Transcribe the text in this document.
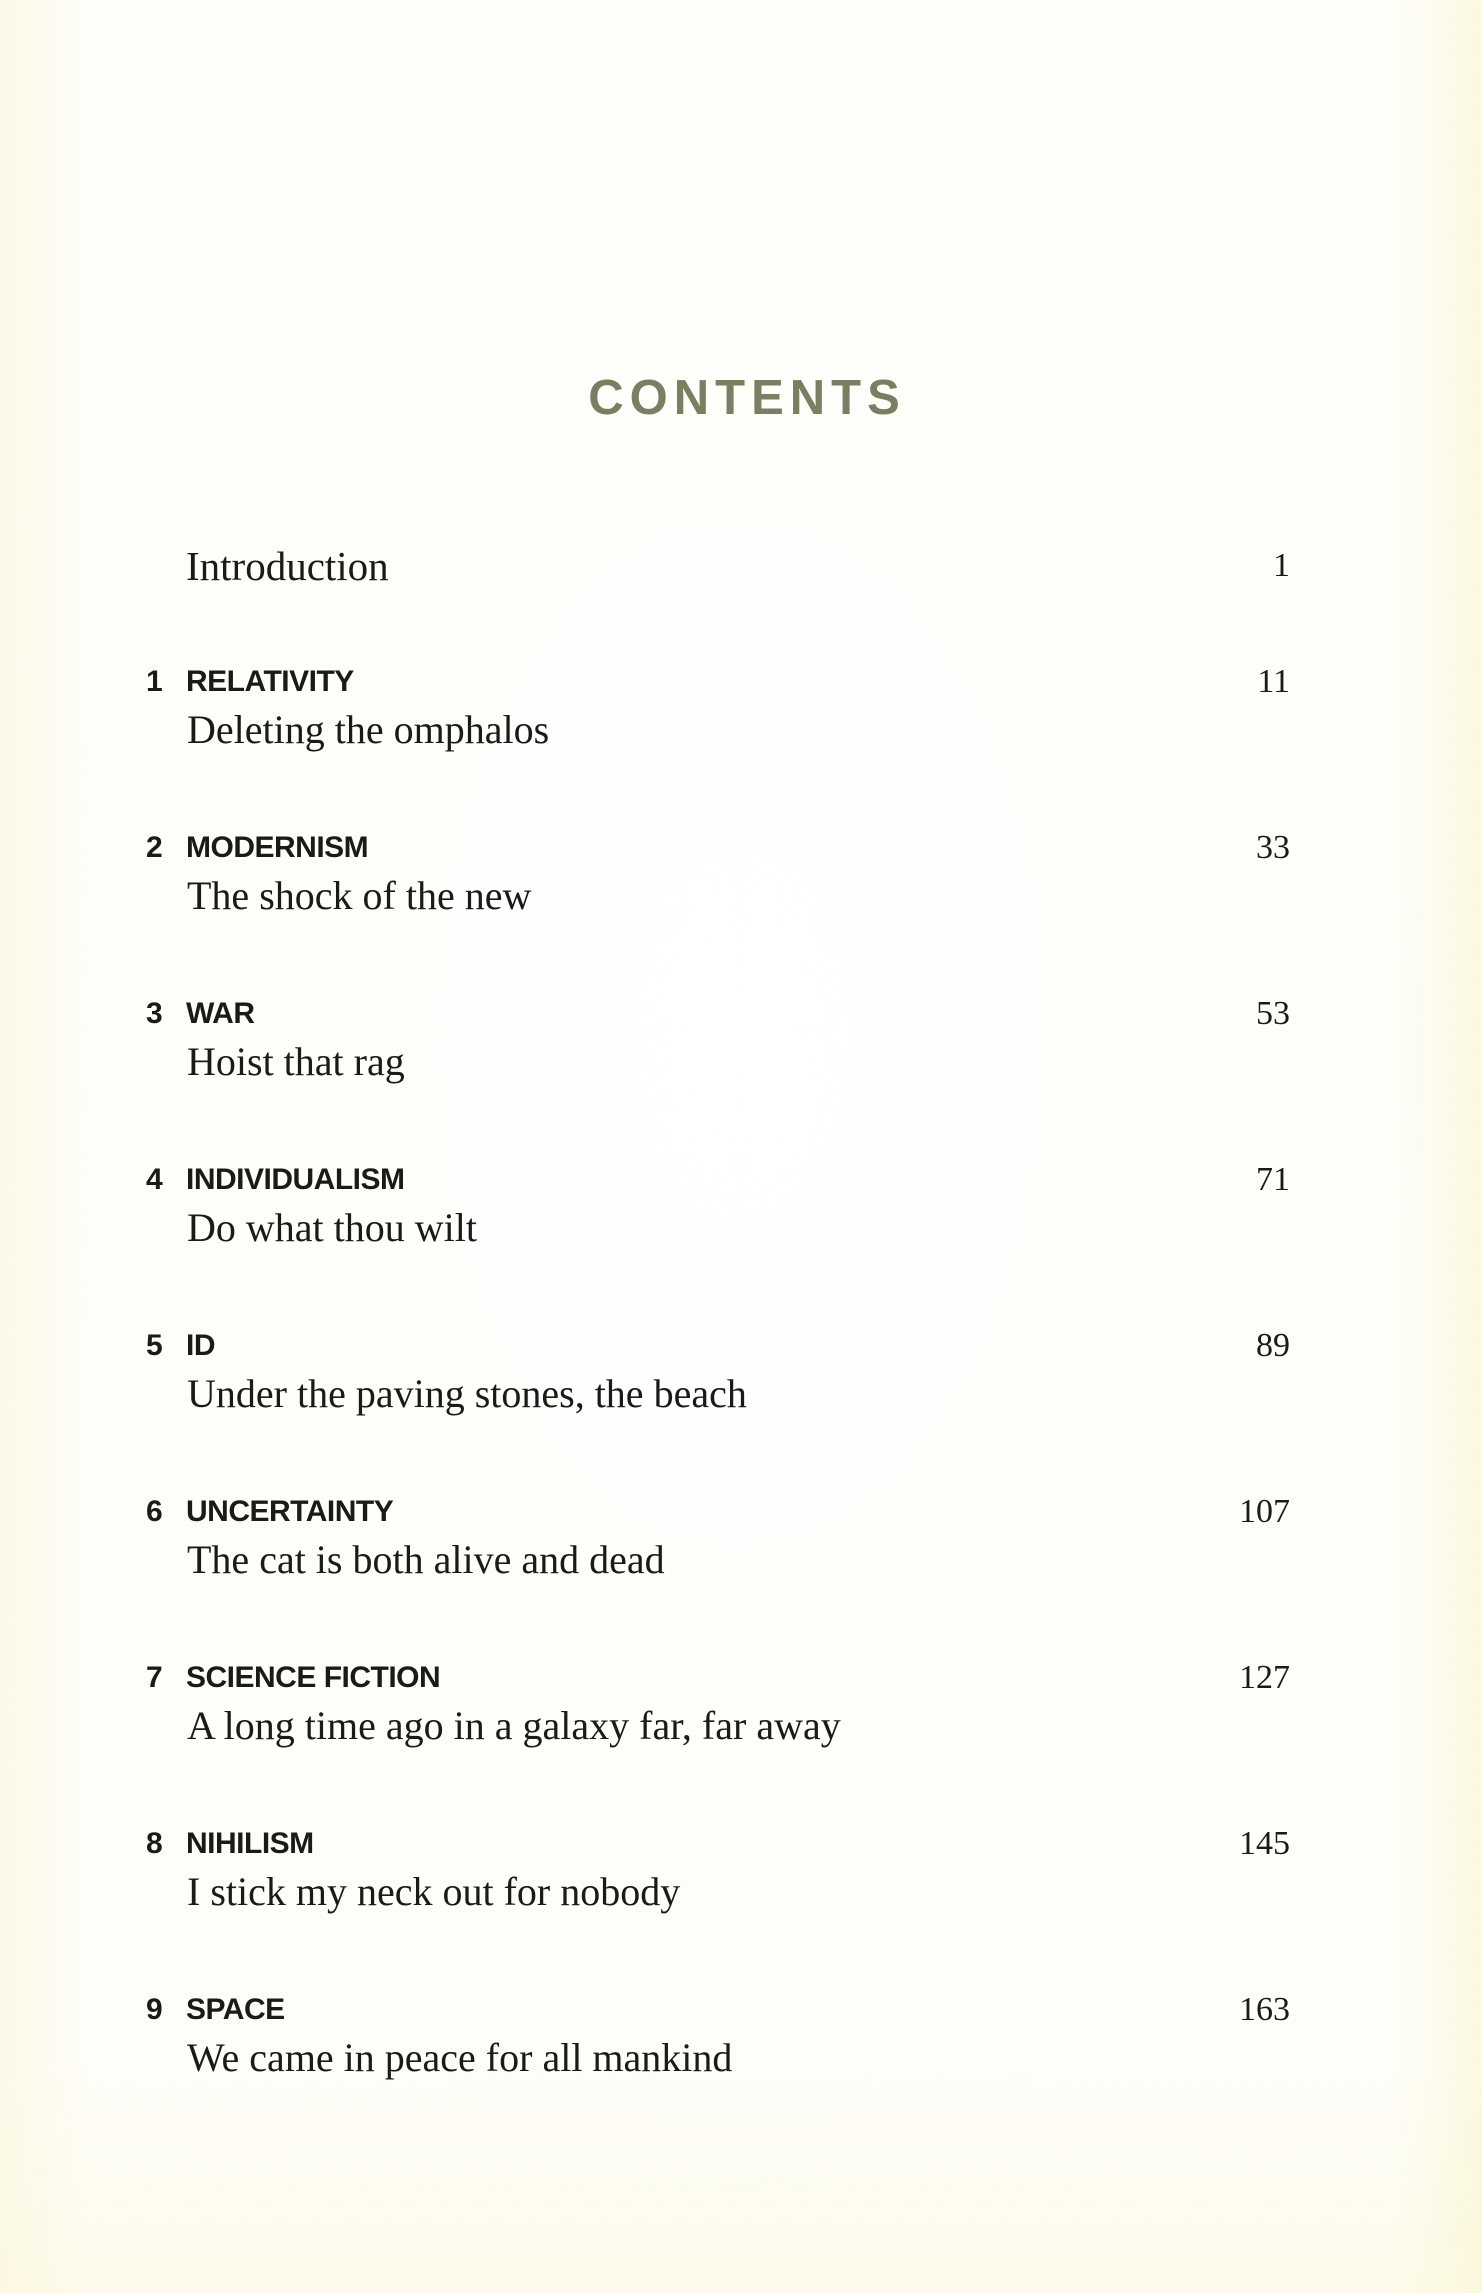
CONTENTS
Introduction	1
1 RELATIVITY
Deleting the omphalos
11
2 MODERNISM
The shock of the new
33
3 WAR
Hoist that rag
53
4 INDIVIDUALISM
Do what thou wilt
71
5 ID
Under the paving stones, the beach
89
6 UNCERTAINTY
The cat is both alive and dead
107
7 SCIENCE FICTION
A long time ago in a galaxy far, far away
127
8 NIHILISM
I stick my neck out for nobody
145
9 SPACE
We came in peace for all mankind
163
